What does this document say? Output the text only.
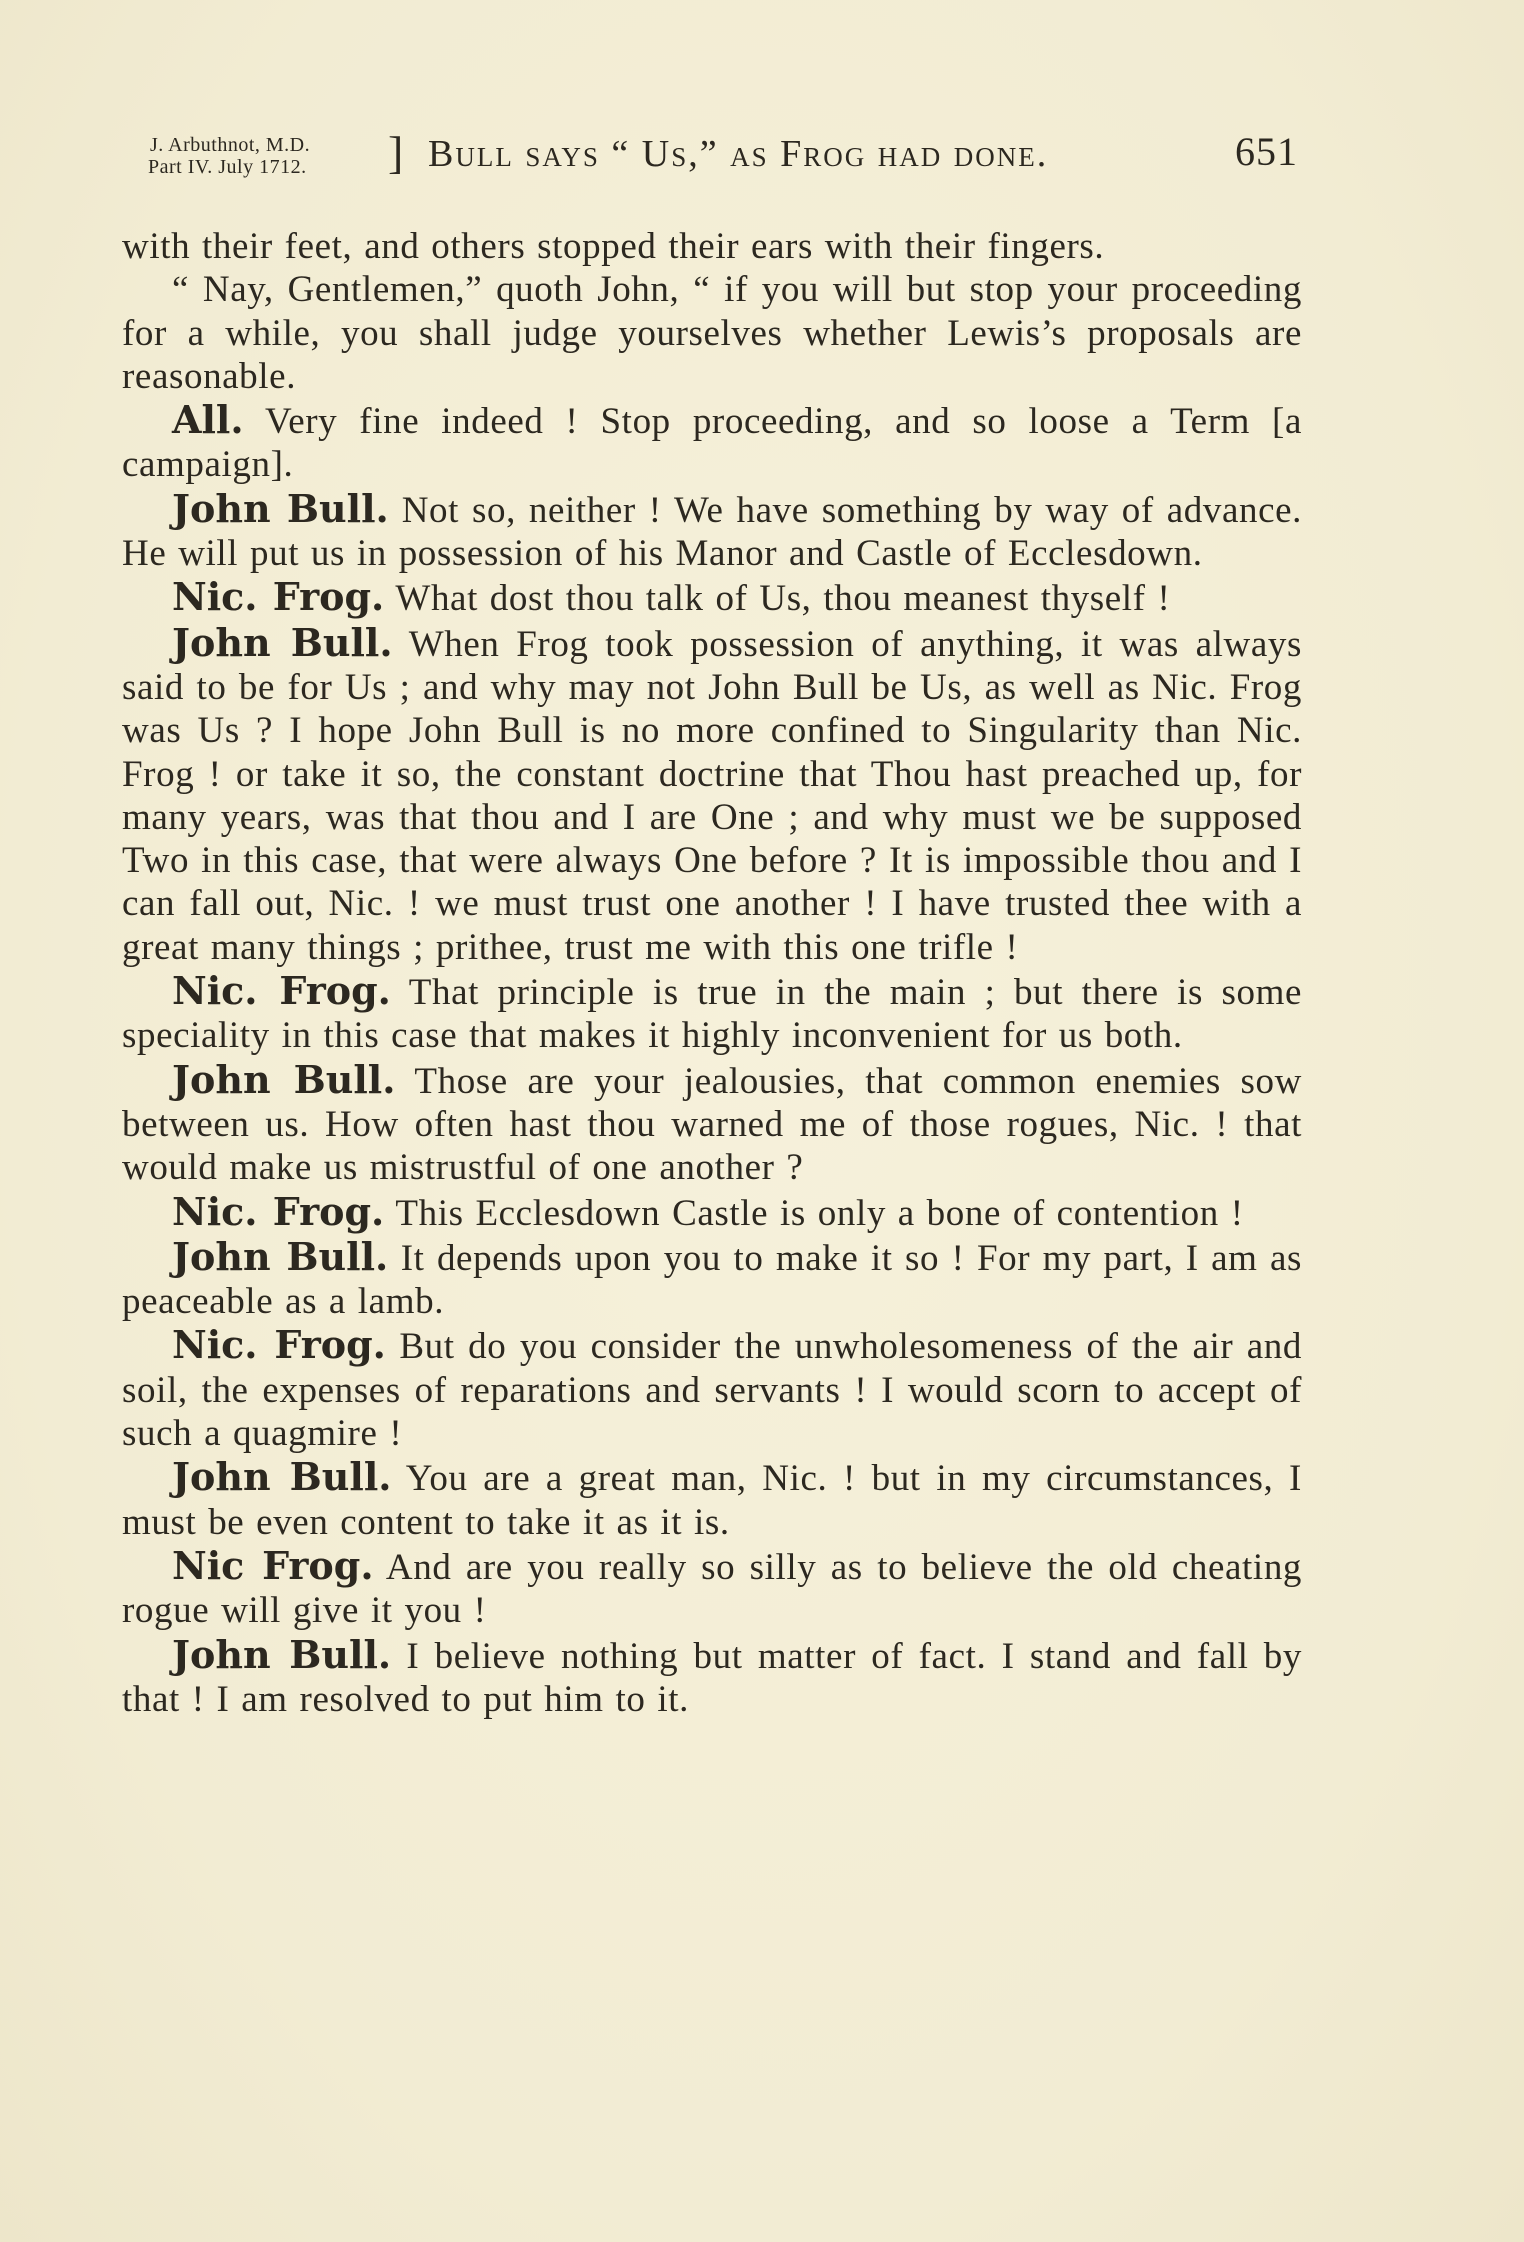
J. Arbuthnot, M.D.
Part IV. July 1712. ] Bull says “ Us,” as Frog had done.	651

with their feet, and others stopped their ears with their fingers.

“ Nay, Gentlemen,” quoth John, “ if you will but stop your proceeding for a while, you shall judge yourselves whether Lewis’s proposals are reasonable.

All. Very fine indeed ! Stop proceeding, and so loose a Term [a campaign].

John Bull. Not so, neither ! We have something by way of advance. He will put us in possession of his Manor and Castle of Ecclesdown.

Nic. Frog. What dost thou talk of Us, thou meanest thyself !

John Bull. When Frog took possession of anything, it was always said to be for Us ; and why may not John Bull be Us, as well as Nic. Frog was Us ? I hope John Bull is no more confined to Singularity than Nic. Frog ! or take it so, the constant doctrine that Thou hast preached up, for many years, was that thou and I are One ; and why must we be supposed Two in this case, that were always One before ? It is impossible thou and I can fall out, Nic. ! we must trust one another ! I have trusted thee with a great many things ; prithee, trust me with this one trifle !

Nic. Frog. That principle is true in the main ; but there is some speciality in this case that makes it highly inconvenient for us both.

John Bull. Those are your jealousies, that common enemies sow between us. How often hast thou warned me of those rogues, Nic. ! that would make us mistrustful of one another ?

Nic. Frog. This Ecclesdown Castle is only a bone of contention !

John Bull. It depends upon you to make it so ! For my part, I am as peaceable as a lamb.

Nic. Frog. But do you consider the unwholesomeness of the air and soil, the expenses of reparations and servants ! I would scorn to accept of such a quagmire !

John Bull. You are a great man, Nic. ! but in my circumstances, I must be even content to take it as it is.

Nic Frog. And are you really so silly as to believe the old cheating rogue will give it you !

John Bull. I believe nothing but matter of fact. I stand and fall by that ! I am resolved to put him to it.
